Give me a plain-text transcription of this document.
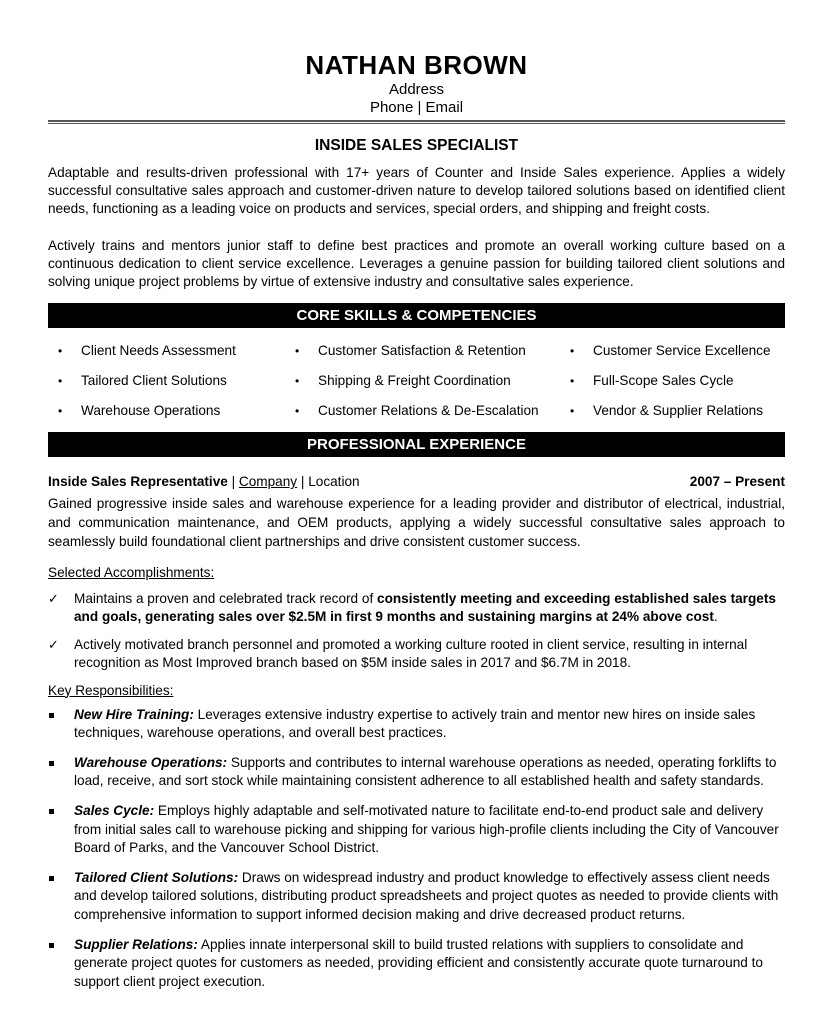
NATHAN BROWN
Address
Phone | Email
INSIDE SALES SPECIALIST
Adaptable and results-driven professional with 17+ years of Counter and Inside Sales experience. Applies a widely successful consultative sales approach and customer-driven nature to develop tailored solutions based on identified client needs, functioning as a leading voice on products and services, special orders, and shipping and freight costs.
Actively trains and mentors junior staff to define best practices and promote an overall working culture based on a continuous dedication to client service excellence. Leverages a genuine passion for building tailored client solutions and solving unique project problems by virtue of extensive industry and consultative sales experience.
CORE SKILLS & COMPETENCIES
• Client Needs Assessment	• Customer Satisfaction & Retention	• Customer Service Excellence
• Tailored Client Solutions	• Shipping & Freight Coordination	• Full-Scope Sales Cycle
• Warehouse Operations	• Customer Relations & De-Escalation	• Vendor & Supplier Relations
PROFESSIONAL EXPERIENCE
Inside Sales Representative | Company | Location	2007 – Present
Gained progressive inside sales and warehouse experience for a leading provider and distributor of electrical, industrial, and communication maintenance, and OEM products, applying a widely successful consultative sales approach to seamlessly build foundational client partnerships and drive consistent customer success.
Selected Accomplishments:
✓ Maintains a proven and celebrated track record of consistently meeting and exceeding established sales targets and goals, generating sales over $2.5M in first 9 months and sustaining margins at 24% above cost.
✓ Actively motivated branch personnel and promoted a working culture rooted in client service, resulting in internal recognition as Most Improved branch based on $5M inside sales in 2017 and $6.7M in 2018.
Key Responsibilities:
New Hire Training: Leverages extensive industry expertise to actively train and mentor new hires on inside sales techniques, warehouse operations, and overall best practices.
Warehouse Operations: Supports and contributes to internal warehouse operations as needed, operating forklifts to load, receive, and sort stock while maintaining consistent adherence to all established health and safety standards.
Sales Cycle: Employs highly adaptable and self-motivated nature to facilitate end-to-end product sale and delivery from initial sales call to warehouse picking and shipping for various high-profile clients including the City of Vancouver Board of Parks, and the Vancouver School District.
Tailored Client Solutions: Draws on widespread industry and product knowledge to effectively assess client needs and develop tailored solutions, distributing product spreadsheets and project quotes as needed to provide clients with comprehensive information to support informed decision making and drive decreased product returns.
Supplier Relations: Applies innate interpersonal skill to build trusted relations with suppliers to consolidate and generate project quotes for customers as needed, providing efficient and consistently accurate quote turnaround to support client project execution.
